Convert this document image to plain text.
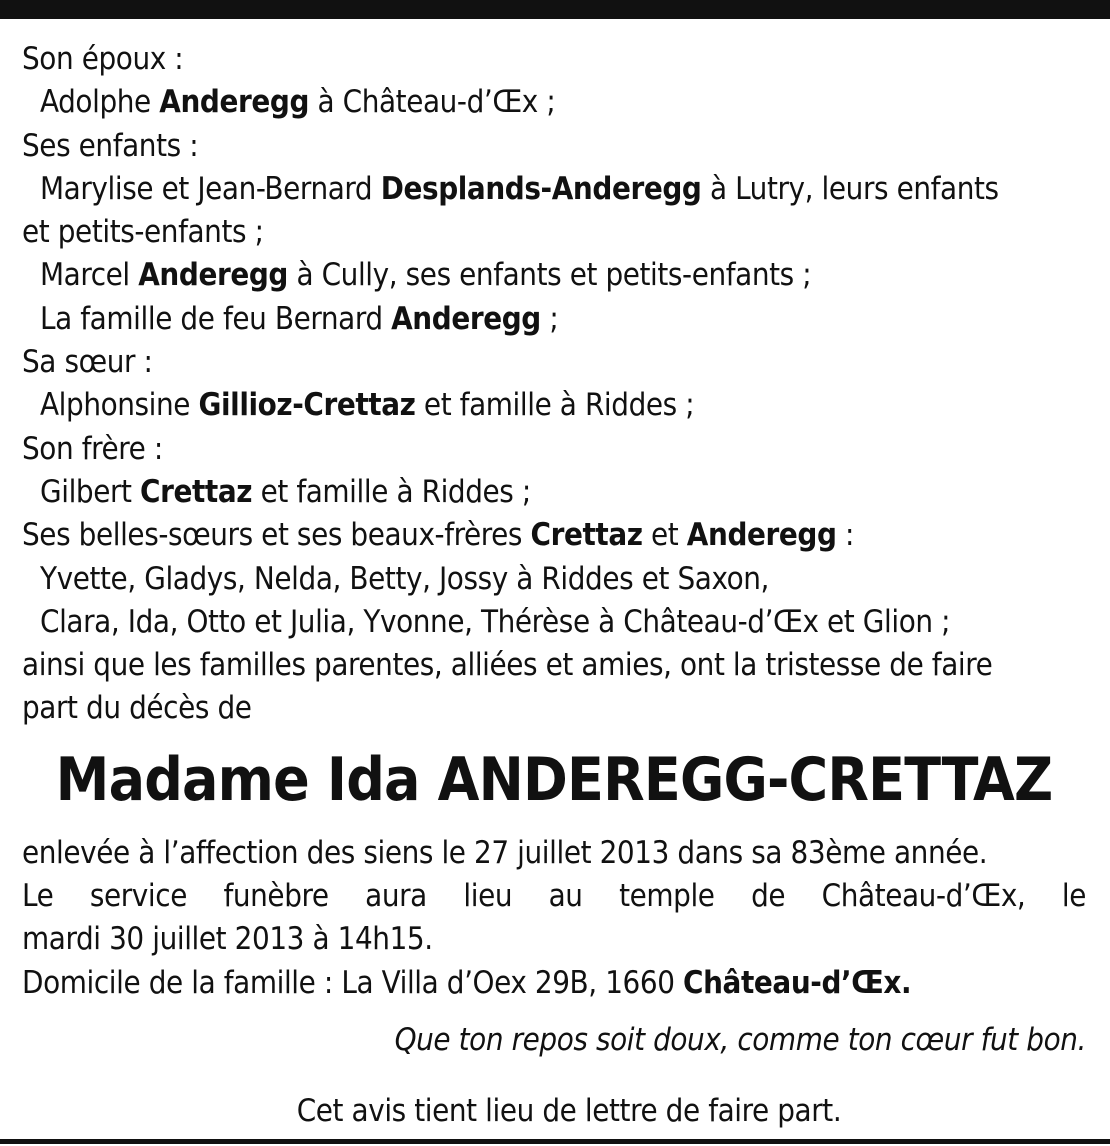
Son époux :
Adolphe Anderegg à Château-d’Œx ;
Ses enfants :
Marylise et Jean-Bernard Desplands-Anderegg à Lutry, leurs enfants
et petits-enfants ;
Marcel Anderegg à Cully, ses enfants et petits-enfants ;
La famille de feu Bernard Anderegg ;
Sa sœur :
Alphonsine Gillioz-Crettaz et famille à Riddes ;
Son frère :
Gilbert Crettaz et famille à Riddes ;
Ses belles-sœurs et ses beaux-frères Crettaz et Anderegg :
Yvette, Gladys, Nelda, Betty, Jossy à Riddes et Saxon,
Clara, Ida, Otto et Julia, Yvonne, Thérèse à Château-d’Œx et Glion ;
ainsi que les familles parentes, alliées et amies, ont la tristesse de faire
part du décès de
Madame Ida ANDEREGG-CRETTAZ
enlevée à l’affection des siens le 27 juillet 2013 dans sa 83ème année.
Le service funèbre aura lieu au temple de Château-d’Œx, le
mardi 30 juillet 2013 à 14h15.
Domicile de la famille : La Villa d’Oex 29B, 1660 Château-d’Œx.
Que ton repos soit doux, comme ton cœur fut bon.
Cet avis tient lieu de lettre de faire part.
